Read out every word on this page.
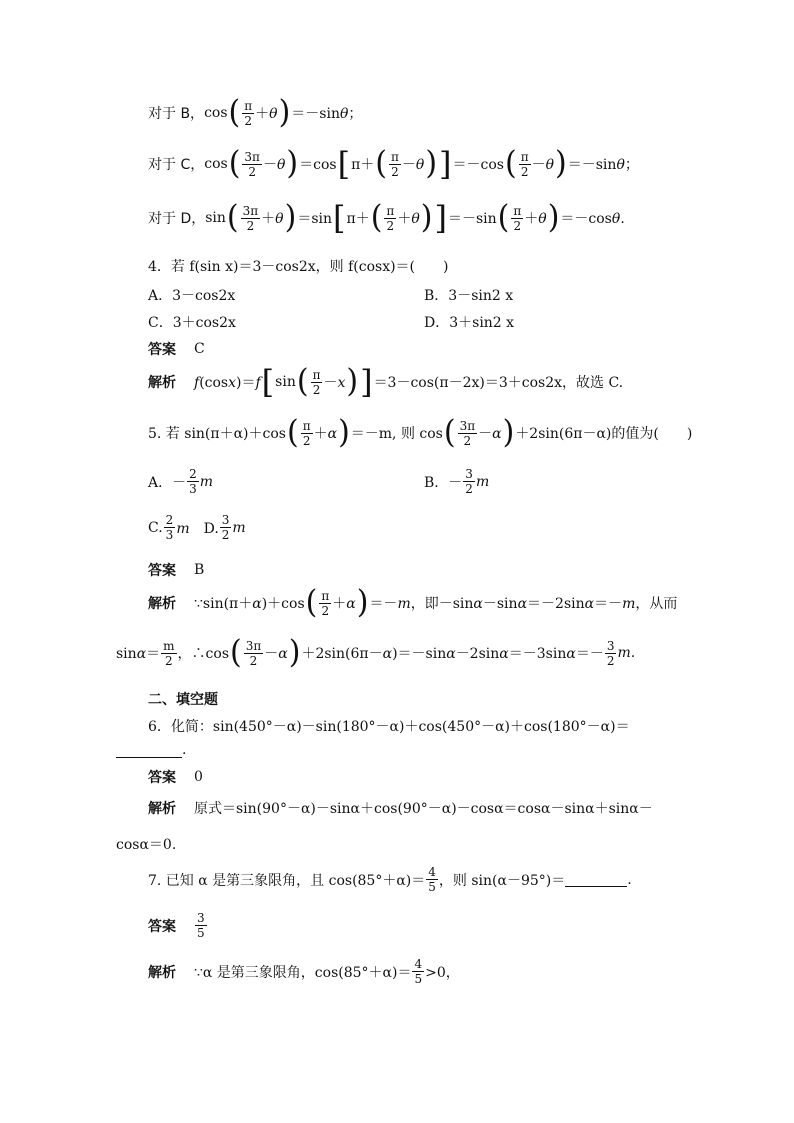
对于 B， cos ( $\frac{\pi}{2} +\theta$ ) ＝－sinθ；
对于 C， cos ( $\frac{3\pi}{2} -\theta$ ) ＝cos [ π＋ ( $\frac{\pi}{2} -\theta$ ) ] ＝－cos ( $\frac{\pi}{2} -\theta$ ) ＝－sinθ；
对于 D， sin ( $\frac{3\pi}{2} +\theta$ ) ＝sin [ π＋ ( $\frac{\pi}{2} +\theta$ ) ] ＝－sin ( $\frac{\pi}{2} +\theta$ ) ＝－cosθ.
4．若 f(sin x)＝3－cos2x，则 f(cosx)＝(　　)
A．3－cos2x	B．3－sin2 x
C．3＋cos2x	D．3＋sin2 x
答案 C
解析 f(cosx)＝f [ sin ( $\frac{\pi}{2} -x$ ) ] ＝3－cos(π－2x)＝3＋cos2x，故选 C.
5. 若 sin(π＋α)＋cos ( $\frac{\pi}{2} +\alpha$ ) ＝－m, 则 cos ( $\frac{3\pi}{2} -\alpha$ ) ＋2sin(6π－α)的值为(　　)
A．－ $\frac{2}{3}$ m	B．－ $\frac{3}{2}$ m
C. $\frac{2}{3}$ m　D. $\frac{3}{2}$ m
答案 B
解析 ∵sin(π＋α)＋cos ( $\frac{\pi}{2} +\alpha$ ) ＝－m，即－sinα－sinα＝－2sinα＝－m，从而
$\sin\alpha= \frac{m}{2}$ ，∴cos ( $\frac{3\pi}{2} -\alpha$ ) $+2\sin(6\pi-\alpha)=-\sin\alpha-2\sin\alpha=-3\sin\alpha=- \frac{3}{2} m$.
二、填空题
6．化简：sin(450°－α)－sin(180°－α)＋cos(450°－α)＋cos(180°－α)＝
.
答案 0
解析 原式＝sin(90°－α)－sinα＋cos(90°－α)－cosα＝cosα－sinα＋sinα－
cosα＝0.
7. 已知 α 是第三象限角，且 $\cos(85^\circ+\alpha)= \frac{4}{5}$ ，则 sin(α－95°)＝	.
答案 $\frac{3}{5}$
解析 ∵α 是第三象限角，$\cos(85^\circ+\alpha)= \frac{4}{5} >0$，
